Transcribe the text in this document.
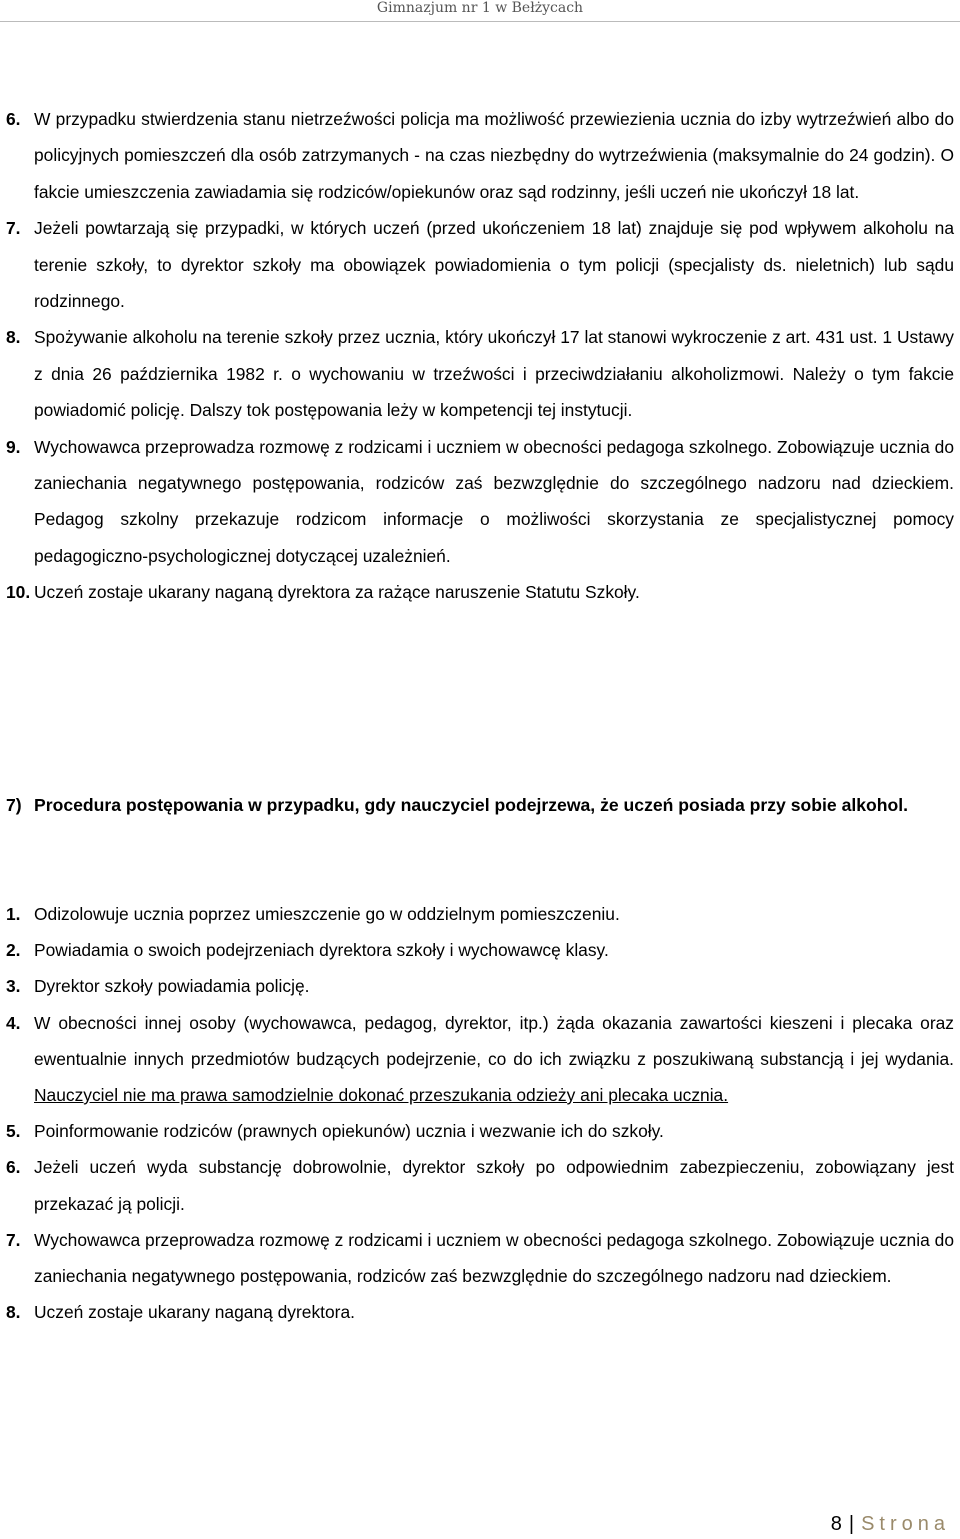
Gimnazjum nr 1 w Bełżycach
6. W przypadku stwierdzenia stanu nietrzeźwości policja ma możliwość przewiezienia ucznia do izby wytrzeźwień albo do policyjnych pomieszczeń dla osób zatrzymanych - na czas niezbędny do wytrzeźwienia (maksymalnie do 24 godzin). O fakcie umieszczenia zawiadamia się rodziców/opiekunów oraz sąd rodzinny, jeśli uczeń nie ukończył 18 lat.
7. Jeżeli powtarzają się przypadki, w których uczeń (przed ukończeniem 18 lat) znajduje się pod wpływem alkoholu na terenie szkoły, to dyrektor szkoły ma obowiązek powiadomienia o tym policji (specjalisty ds. nieletnich) lub sądu rodzinnego.
8. Spożywanie alkoholu na terenie szkoły przez ucznia, który ukończył 17 lat stanowi wykroczenie z art. 431 ust. 1 Ustawy z dnia 26 października 1982 r. o wychowaniu w trzeźwości i przeciwdziałaniu alkoholizmowi. Należy o tym fakcie powiadomić policję. Dalszy tok postępowania leży w kompetencji tej instytucji.
9. Wychowawca przeprowadza rozmowę z rodzicami i uczniem w obecności pedagoga szkolnego. Zobowiązuje ucznia do zaniechania negatywnego postępowania, rodziców zaś bezwzględnie do szczególnego nadzoru nad dzieckiem. Pedagog szkolny przekazuje rodzicom informacje o możliwości skorzystania ze specjalistycznej pomocy pedagogiczno-psychologicznej dotyczącej uzależnień.
10. Uczeń zostaje ukarany naganą dyrektora za rażące naruszenie Statutu Szkoły.
7) Procedura postępowania w przypadku, gdy nauczyciel podejrzewa, że uczeń posiada przy sobie alkohol.
1. Odizolowuje ucznia poprzez umieszczenie go w oddzielnym pomieszczeniu.
2. Powiadamia o swoich podejrzeniach dyrektora szkoły i wychowawcę klasy.
3. Dyrektor szkoły powiadamia policję.
4. W obecności innej osoby (wychowawca, pedagog, dyrektor, itp.) żąda okazania zawartości kieszeni i plecaka oraz ewentualnie innych przedmiotów budzących podejrzenie, co do ich związku z poszukiwaną substancją i jej wydania. Nauczyciel nie ma prawa samodzielnie dokonać przeszukania odzieży ani plecaka ucznia.
5. Poinformowanie rodziców (prawnych opiekunów) ucznia i wezwanie ich do szkoły.
6. Jeżeli uczeń wyda substancję dobrowolnie, dyrektor szkoły po odpowiednim zabezpieczeniu, zobowiązany jest przekazać ją policji.
7. Wychowawca przeprowadza rozmowę z rodzicami i uczniem w obecności pedagoga szkolnego. Zobowiązuje ucznia do zaniechania negatywnego postępowania, rodziców zaś bezwzględnie do szczególnego nadzoru nad dzieckiem.
8. Uczeń zostaje ukarany naganą dyrektora.
8 | Strona
